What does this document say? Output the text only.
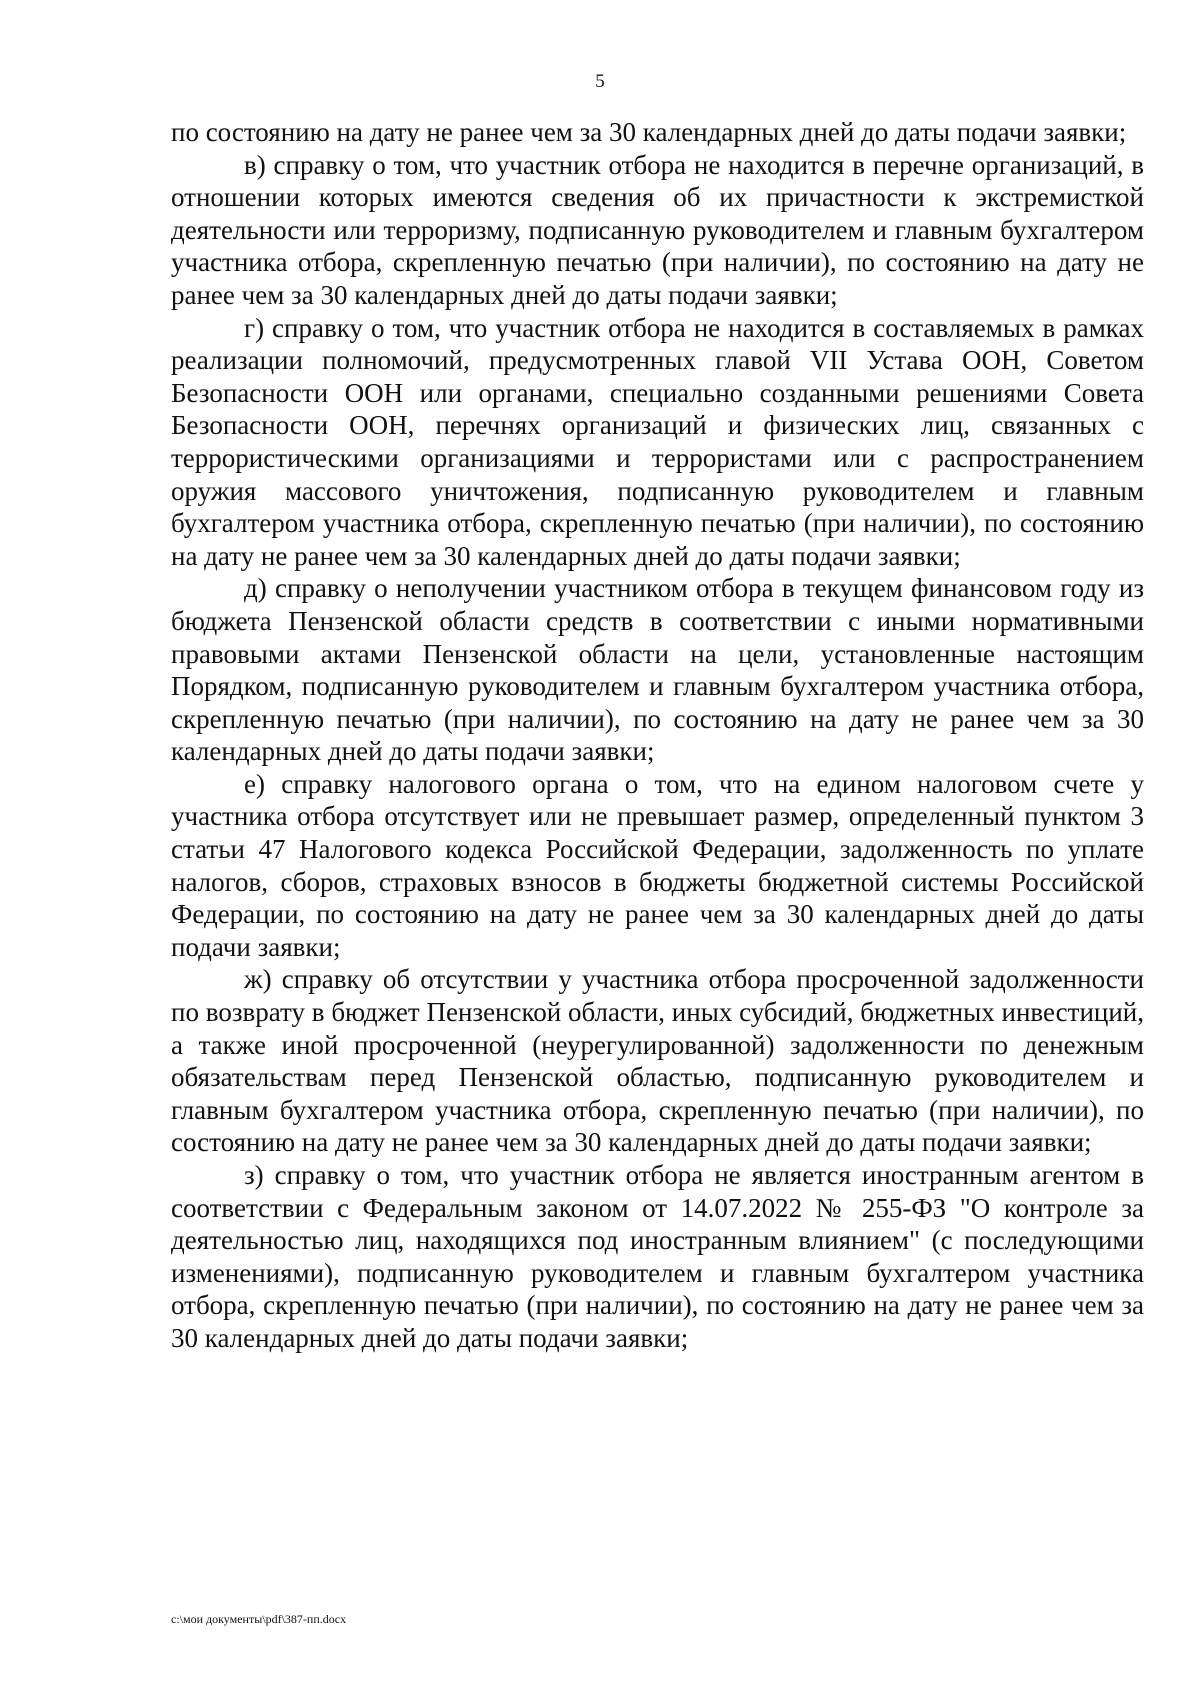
5

по состоянию на дату не ранее чем за 30 календарных дней до даты подачи заявки;

в) справку о том, что участник отбора не находится в перечне организаций, в отношении которых имеются сведения об их причастности к экстремисткой деятельности или терроризму, подписанную руководителем и главным бухгалтером участника отбора, скрепленную печатью (при наличии), по состоянию на дату не ранее чем за 30 календарных дней до даты подачи заявки;

г) справку о том, что участник отбора не находится в составляемых в рамках реализации полномочий, предусмотренных главой VII Устава ООН, Советом Безопасности ООН или органами, специально созданными решениями Совета Безопасности ООН, перечнях организаций и физических лиц, связанных с террористическими организациями и террористами или с распространением оружия массового уничтожения, подписанную руководителем и главным бухгалтером участника отбора, скрепленную печатью (при наличии), по состоянию на дату не ранее чем за 30 календарных дней до даты подачи заявки;

д) справку о неполучении участником отбора в текущем финансовом году из бюджета Пензенской области средств в соответствии с иными нормативными правовыми актами Пензенской области на цели, установленные настоящим Порядком, подписанную руководителем и главным бухгалтером участника отбора, скрепленную печатью (при наличии), по состоянию на дату не ранее чем за 30 календарных дней до даты подачи заявки;

е) справку налогового органа о том, что на едином налоговом счете у участника отбора отсутствует или не превышает размер, определенный пунктом 3 статьи 47 Налогового кодекса Российской Федерации, задолженность по уплате налогов, сборов, страховых взносов в бюджеты бюджетной системы Российской Федерации, по состоянию на дату не ранее чем за 30 календарных дней до даты подачи заявки;

ж) справку об отсутствии у участника отбора просроченной задолженности по возврату в бюджет Пензенской области, иных субсидий, бюджетных инвестиций, а также иной просроченной (неурегулированной) задолженности по денежным обязательствам перед Пензенской областью, подписанную руководителем и главным бухгалтером участника отбора, скрепленную печатью (при наличии), по состоянию на дату не ранее чем за 30 календарных дней до даты подачи заявки;

з) справку о том, что участник отбора не является иностранным агентом в соответствии с Федеральным законом от 14.07.2022 № 255-ФЗ "О контроле за деятельностью лиц, находящихся под иностранным влиянием" (с последующими изменениями), подписанную руководителем и главным бухгалтером участника отбора, скрепленную печатью (при наличии), по состоянию на дату не ранее чем за 30 календарных дней до даты подачи заявки;

c:\мои документы\pdf\387-пп.docx
